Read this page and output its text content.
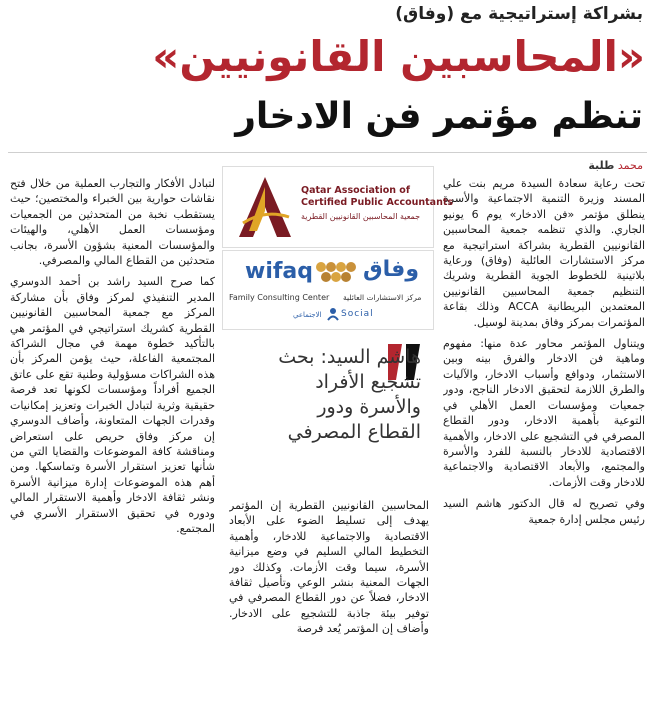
بشراكة إستراتيجية مع (وفاق)
«المحاسبين القانونيين»
تنظم مؤتمر فن الادخار
محمد طلبة

تحت رعاية سعادة السيدة مريم بنت علي المسند وزيرة التنمية الاجتماعية والأسرة ينطلق مؤتمر «فن الادخار» يوم 6 يونيو الجاري. والذي تنظمه جمعية المحاسبين القانونيين القطرية بشراكة استراتيجية مع مركز الاستشارات العائلية (وفاق) ورعاية بلاتينية للخطوط الجوية القطرية وشريك التنظيم جمعية المحاسبين القانونيين المعتمدين البريطانية ACCA وذلك بقاعة المؤتمرات بمركز وفاق بمدينة لوسيل.

ويتناول المؤتمر محاور عدة منها: مفهوم وماهية فن الادخار والفرق بينه وبين الاستثمار، ودوافع وأسباب الادخار، والآليات والطرق اللازمة لتحقيق الادخار الناجح، ودور جمعيات ومؤسسات العمل الأهلي في التوعية بأهمية الادخار، ودور القطاع المصرفي في التشجيع على الادخار، والأهمية الاقتصادية للادخار بالنسبة للفرد والأسرة والمجتمع، والأبعاد الاقتصادية والاجتماعية للادخار وقت الأزمات.

وفي تصريح له قال الدكتور هاشم السيد رئيس مجلس إدارة جمعية

المحاسبين القانونيين القطرية إن المؤتمر يهدف إلى تسليط الضوء على الأبعاد الاقتصادية والاجتماعية للادخار، وأهمية التخطيط المالي السليم في وضع ميزانية الأسرة، سيما وقت الأزمات. وكذلك دور الجهات المعنية بنشر الوعي وتأصيل ثقافة الادخار، فضلاً عن دور القطاع المصرفي في توفير بيئة جاذبة للتشجيع على الادخار. وأضاف إن المؤتمر يُعد فرصة

لتبادل الأفكار والتجارب العملية من خلال فتح نقاشات حوارية بين الخبراء والمختصين؛ حيث يستقطب نخبة من المتحدثين من الجمعيات ومؤسسات العمل الأهلي، والهيئات والمؤسسات المعنية بشؤون الأسرة، بجانب متحدثين من القطاع المالي والمصرفي.

كما صرح السيد راشد بن أحمد الدوسري المدير التنفيذي لمركز وفاق بأن مشاركة المركز مع جمعية المحاسبين القانونيين القطرية كشريك استراتيجي في المؤتمر هي بالتأكيد خطوة مهمة في مجال الشراكة المجتمعية الفاعلة، حيث يؤمن المركز بأن هذه الشراكات مسؤولية وطنية تقع على عاتق الجميع أفراداً ومؤسسات لكونها تعد فرصة حقيقية وثرية لتبادل الخبرات وتعزيز إمكانيات وقدرات الجهات المتعاونة، وأضاف الدوسري إن مركز وفاق حريص على استعراض ومناقشة كافة الموضوعات والقضايا التي من شأنها تعزيز استقرار الأسرة وتماسكها. ومن أهم هذه الموضوعات إدارة ميزانية الأسرة ونشر ثقافة الادخار وأهمية الاستقرار المالي ودوره في تحقيق الاستقرار الأسري في المجتمع.

Qatar Association of
Certified Public Accountants
جمعية المحاسبين القانونيين القطرية
wifaq وفاق
Family Consulting Center مركز الاستشارات العائلية
الاجتماعي Social
هاشم السيد: بحث تشجيع الأفراد والأسرة ودور القطاع المصرفي
